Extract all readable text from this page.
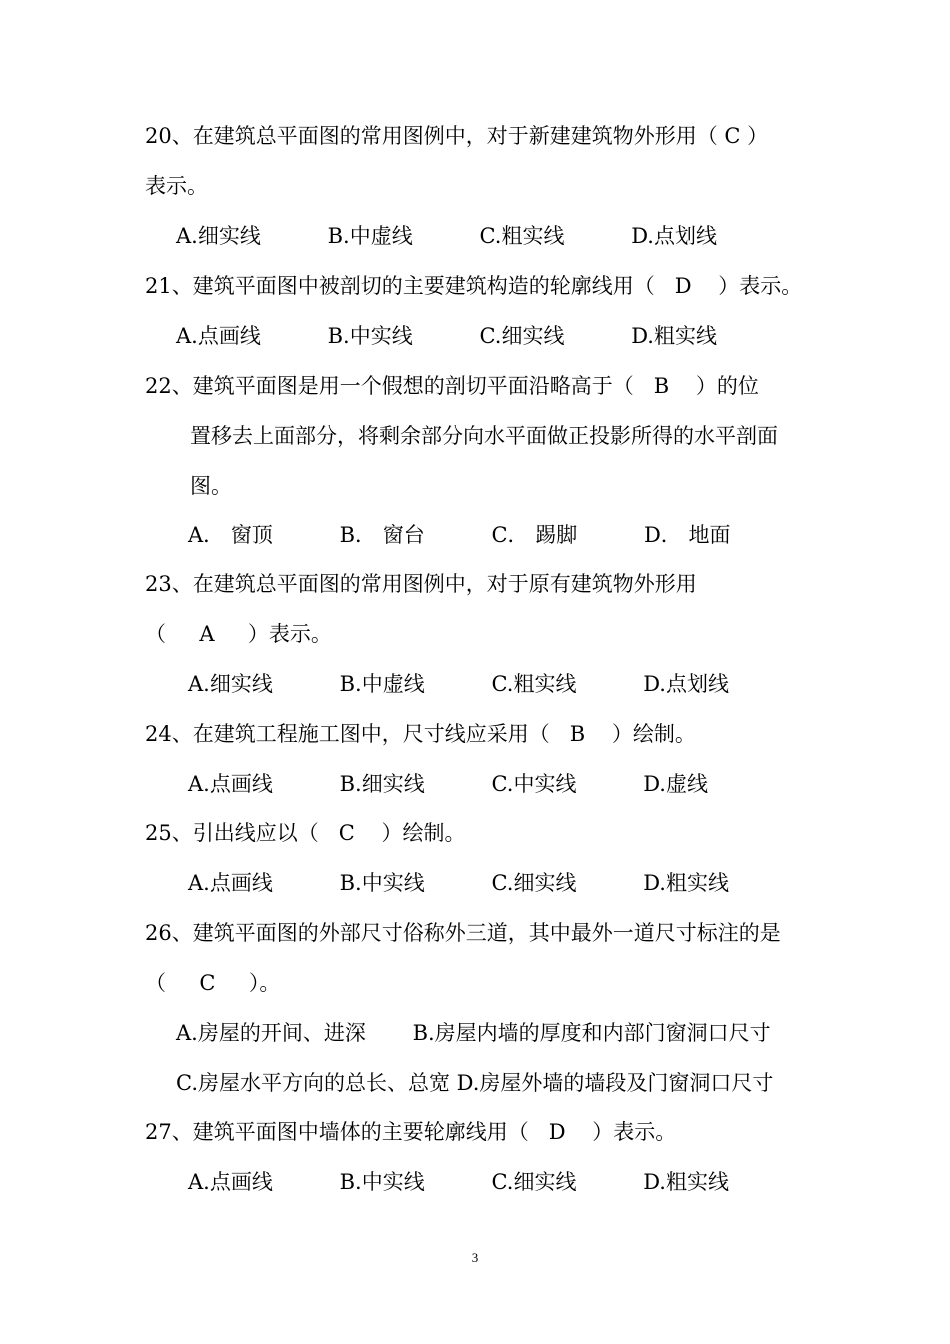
20、在建筑总平面图的常用图例中，对于新建建筑物外形用（ C ）
表示。
A.细实线          B.中虚线          C.粗实线          D.点划线
21、建筑平面图中被剖切的主要建筑构造的轮廓线用（   D    ）表示。
A.点画线          B.中实线          C.细实线          D.粗实线
22、建筑平面图是用一个假想的剖切平面沿略高于（   B    ）的位
置移去上面部分，将剩余部分向水平面做正投影所得的水平剖面
图。
A． 窗顶          B． 窗台          C． 踢脚          D． 地面
23、在建筑总平面图的常用图例中，对于原有建筑物外形用
（     A     ）表示。
A.细实线          B.中虚线          C.粗实线          D.点划线
24、在建筑工程施工图中，尺寸线应采用（   B    ）绘制。
A.点画线          B.细实线          C.中实线          D.虚线
25、引出线应以（   C    ）绘制。
A.点画线          B.中实线          C.细实线          D.粗实线
26、建筑平面图的外部尺寸俗称外三道，其中最外一道尺寸标注的是
（     C     ）。
A.房屋的开间、进深       B.房屋内墙的厚度和内部门窗洞口尺寸
C.房屋水平方向的总长、总宽 D.房屋外墙的墙段及门窗洞口尺寸
27、建筑平面图中墙体的主要轮廓线用（   D    ）表示。
A.点画线          B.中实线          C.细实线          D.粗实线
3
